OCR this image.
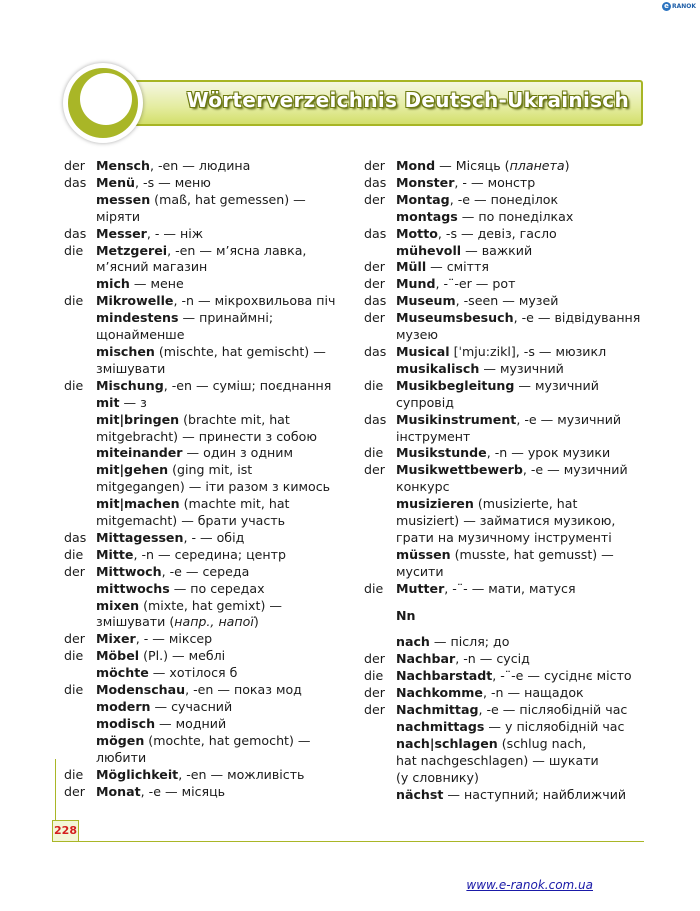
e RANOK
Wörterverzeichnis Deutsch-Ukrainisch
der Mensch, -en — людина
das Menü, -s — меню
messen (maß, hat gemessen) —
міряти
das Messer, - — ніж
die	Metzgerei, -en — м’ясна лавка,
м’ясний магазин
mich — мене
die	Mikrowelle, -n — мікрохвильова піч
mindestens — принаймні;
щонайменше
mischen (mischte, hat gemischt) —
змішувати
die	Mischung, -en — суміш; поєднання
mit — з
mit|bringen (brachte mit, hat
mitgebracht) — принести з собою
miteinander — один з одним
mit|gehen (ging mit, ist
mitgegangen) — іти разом з кимось
mit|machen (machte mit, hat
mitgemacht) — брати участь
das Mittagessen, - — обід
die	Mitte, -n — середина; центр
der Mittwoch, -e — середа
mittwochs — по середах
mixen (mixte, hat gemixt) —
змішувати (напр., напої)
der Mixer, - — міксер
die	Möbel (Pl.) — меблі
möchte — хотілося б
die	Modenschau, -en — показ мод
modern — сучасний
modisch — модний
mögen (mochte, hat gemocht) —
любити
die	Möglichkeit, -en — можливість
der Monat, -e — місяць
der Mond — Місяць (планета)
das Monster, - — монстр
der Montag, -e — понеділок
montags — по понеділках
das Motto, -s — девіз, гасло
mühevoll — важкий
der Müll — сміття
der Mund, -¨-er — рот
das Museum, -seen — музей
der Museumsbesuch, -e — відвідування
музею
das Musical [ˈmju:zikl], -s — мюзикл
musikalisch — музичний
die	Musikbegleitung — музичний
супровід
das Musikinstrument, -e — музичний
інструмент
die	Musikstunde, -n — урок музики
der Musikwettbewerb, -e — музичний
конкурс
musizieren (musizierte, hat
musiziert) — займатися музикою,
грати на музичному інструменті
müssen (musste, hat gemusst) —
мусити
die	Mutter, -¨- — мати, матуся
Nn
nach — після; до
der Nachbar, -n — сусід
die	Nachbarstadt, -¨-e — сусіднє місто
der Nachkomme, -n — нащадок
der Nachmittag, -e — післяобідній час
nachmittags — у післяобідній час
nach|schlagen (schlug nach,
hat nachgeschlagen) — шукати
(у словнику)
nächst — наступний; найближчий
228
www.e-ranok.com.ua
